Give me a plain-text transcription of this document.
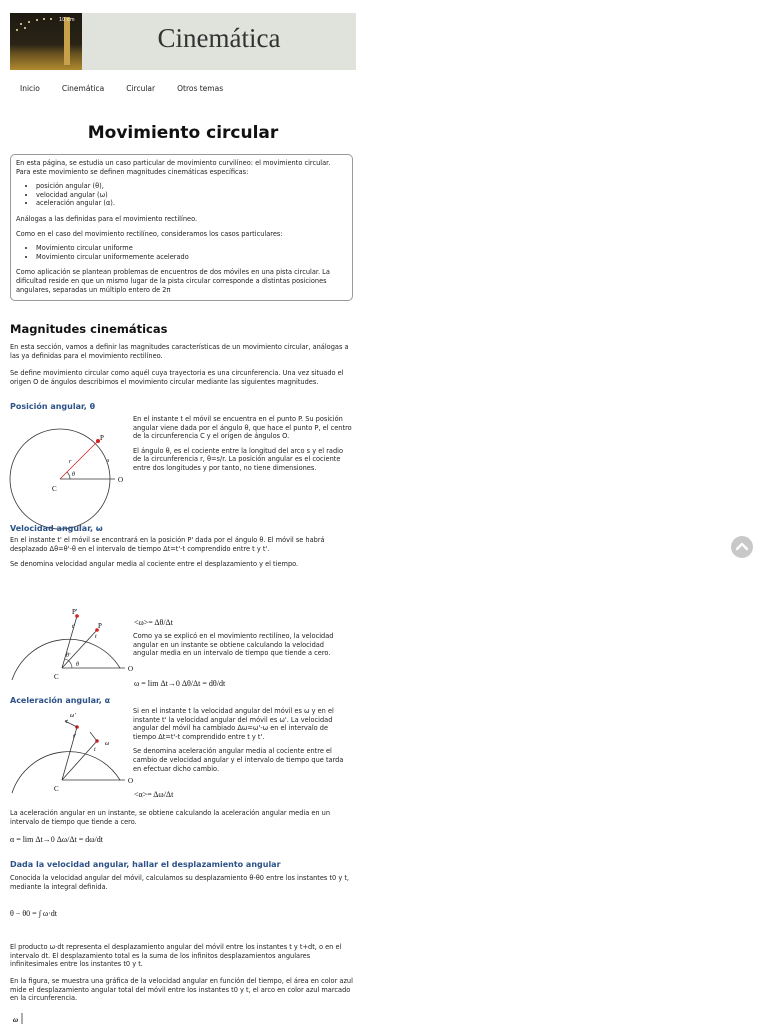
10 cm
Cinemática
Inicio	Cinemática	Circular	Otros temas
Movimiento circular

En esta página, se estudia un caso particular de movimiento curvilíneo: el movimiento circular. Para este movimiento se definen magnitudes cinemáticas específicas:

• posición angular (θ),
• velocidad angular (ω)
• aceleración angular (α).

Análogas a las definidas para el movimiento rectilíneo.

Como en el caso del movimiento rectilíneo, consideramos los casos particulares:

• Movimiento circular uniforme
• Movimiento circular uniformemente acelerado

Como aplicación se plantean problemas de encuentros de dos móviles en una pista circular. La dificultad reside en que un mismo lugar de la pista circular corresponde a distintas posiciones angulares, separadas un múltiplo entero de 2π

Magnitudes cinemáticas

En esta sección, vamos a definir las magnitudes características de un movimiento circular, análogas a las ya definidas para el movimiento rectilíneo.

Se define movimiento circular como aquél cuya trayectoria es una circunferencia. Una vez situado el origen O de ángulos describimos el movimiento circular mediante las siguientes magnitudes.

Posición angular, θ
P
O
C
r	s
θ

En el instante t el móvil se encuentra en el punto P. Su posición angular viene dada por el ángulo θ, que hace el punto P, el centro de la circunferencia C y el origen de ángulos O.

El ángulo θ, es el cociente entre la longitud del arco s y el radio de la circunferencia r, θ=s/r. La posición angular es el cociente entre dos longitudes y por tanto, no tiene dimensiones.

Velocidad angular, ω

En el instante t' el móvil se encontrará en la posición P' dada por el ángulo θ. El móvil se habrá desplazado Δθ=θ'-θ en el intervalo de tiempo Δt=t'-t comprendido entre t y t'.

Se denomina velocidad angular media al cociente entre el desplazamiento y el tiempo.

P'
P
t'
t
O
C
θ'
θ
<ω>= Δθ/Δt
Como ya se explicó en el movimiento rectilíneo, la velocidad angular en un instante se obtiene calculando la velocidad angular media en un intervalo de tiempo que tiende a cero.
ω = lim Δt→0 Δθ/Δt = dθ/dt
Aceleración angular, α
ω'
ω
t'
t
O
C

Si en el instante t la velocidad angular del móvil es ω y en el instante t' la velocidad angular del móvil es ω'. La velocidad angular del móvil ha cambiado Δω=ω'-ω en el intervalo de tiempo Δt=t'-t comprendido entre t y t'.

Se denomina aceleración angular media al cociente entre el cambio de velocidad angular y el intervalo de tiempo que tarda en efectuar dicho cambio.

<α>= Δω/Δt

La aceleración angular en un instante, se obtiene calculando la aceleración angular media en un intervalo de tiempo que tiende a cero.

α = lim Δt→0 Δω/Δt = dω/dt
Dada la velocidad angular, hallar el desplazamiento angular

Conocida la velocidad angular del móvil, calculamos su desplazamiento θ-θ0 entre los instantes t0 y t, mediante la integral definida.

θ − θ0 = ∫ ω·dt

El producto ω·dt representa el desplazamiento angular del móvil entre los instantes t y t+dt, o en el intervalo dt. El desplazamiento total es la suma de los infinitos desplazamientos angulares infinitesimales entre los instantes t0 y t.

En la figura, se muestra una gráfica de la velocidad angular en función del tiempo, el área en color azul mide el desplazamiento angular total del móvil entre los instantes t0 y t, el arco en color azul marcado en la circunferencia.

ω
